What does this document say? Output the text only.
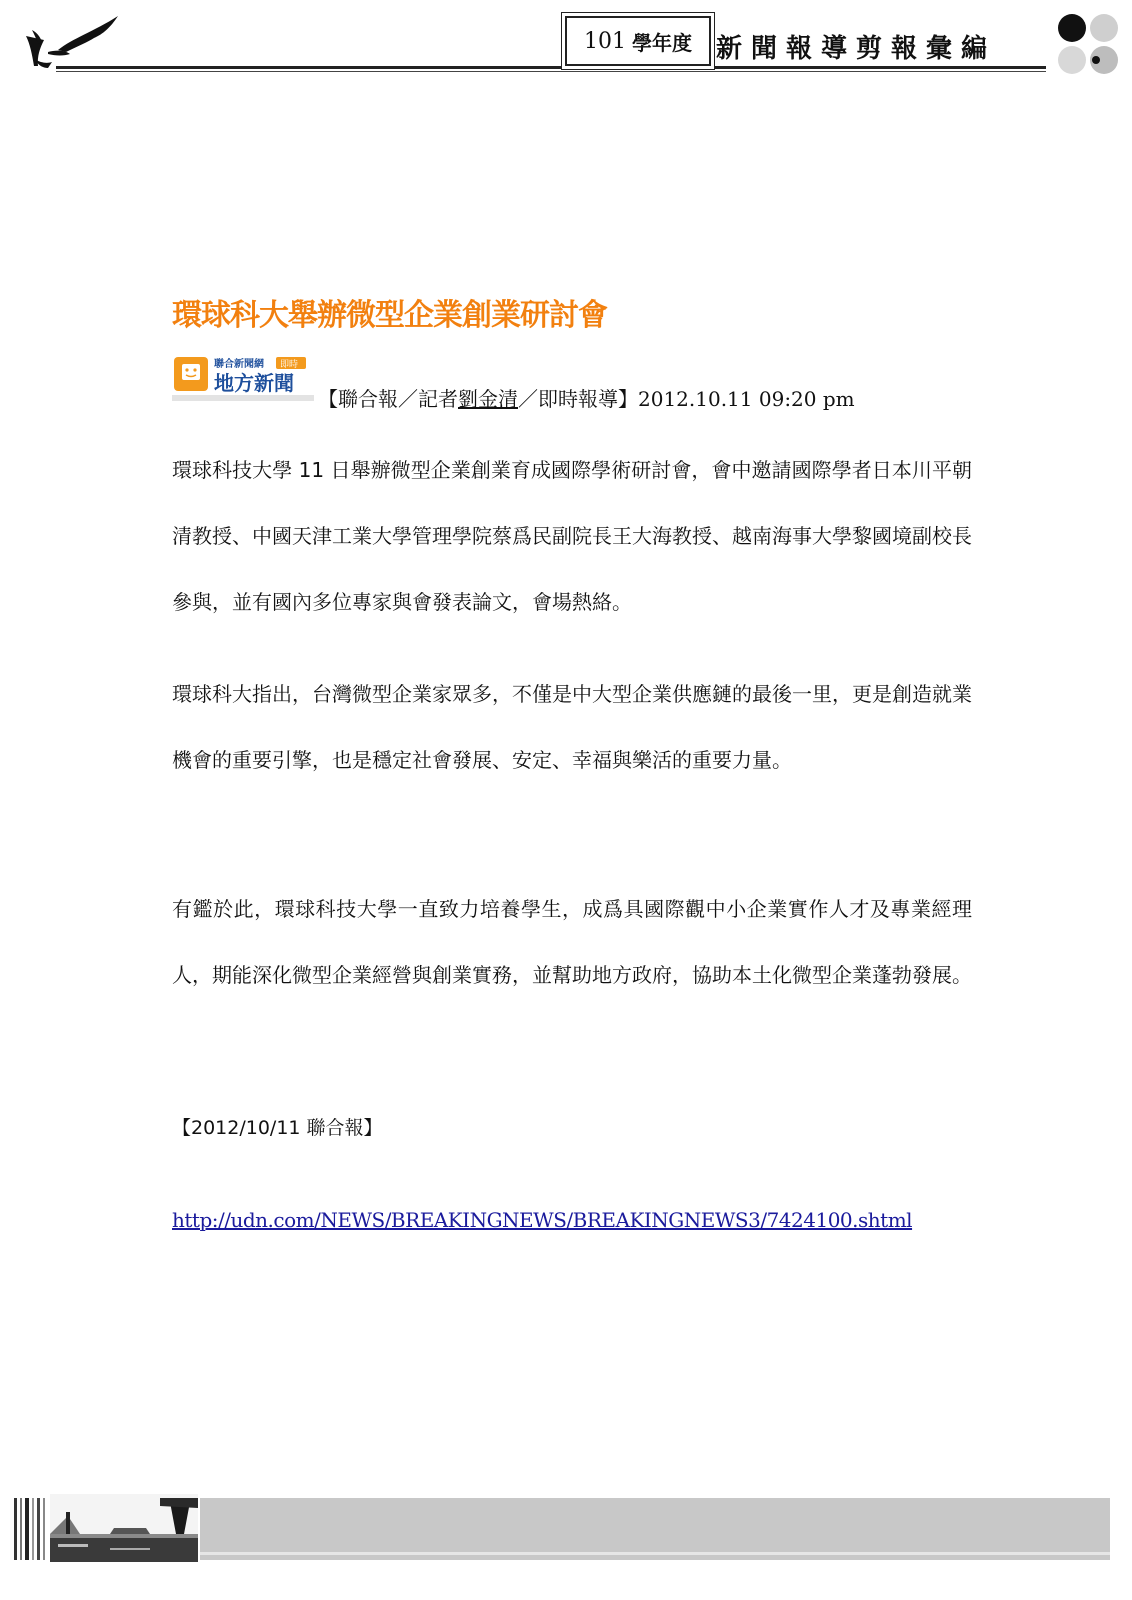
101 學年度 新聞報導剪報彙編
環球科大舉辦微型企業創業研討會
聯合新聞網 即時
地方新聞
【聯合報／記者劉金清／即時報導】2012.10.11 09:20 pm
環球科技大學 11 日舉辦微型企業創業育成國際學術研討會，會中邀請國際學者日本川平朝清教授、中國天津工業大學管理學院蔡爲民副院長王大海教授、越南海事大學黎國境副校長參與，並有國內多位專家與會發表論文，會場熱絡。
環球科大指出，台灣微型企業家眾多，不僅是中大型企業供應鏈的最後一里，更是創造就業機會的重要引擎，也是穩定社會發展、安定、幸福與樂活的重要力量。
有鑑於此，環球科技大學一直致力培養學生，成爲具國際觀中小企業實作人才及專業經理人，期能深化微型企業經營與創業實務，並幫助地方政府，協助本土化微型企業蓬勃發展。
【2012/10/11 聯合報】
http://udn.com/NEWS/BREAKINGNEWS/BREAKINGNEWS3/7424100.shtml
